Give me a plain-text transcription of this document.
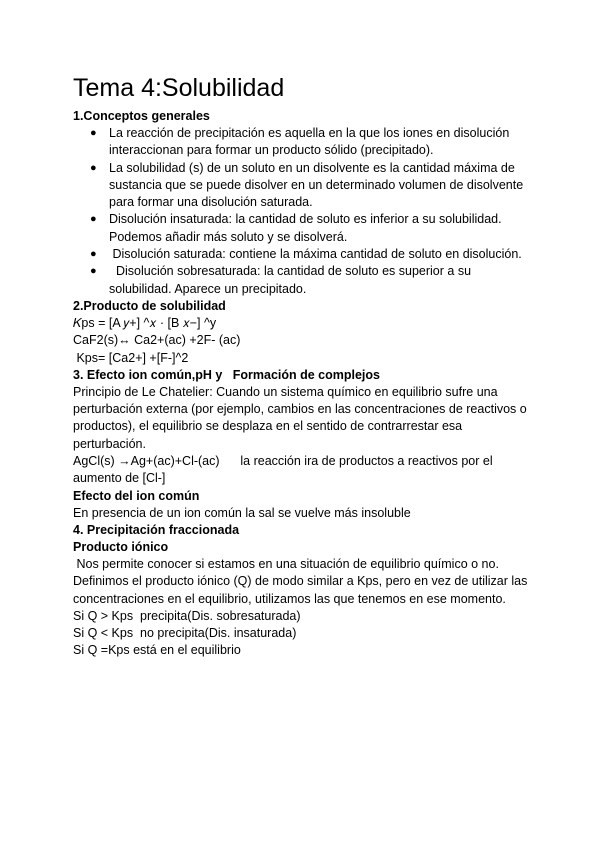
Tema 4:Solubilidad
1.Conceptos generales
● La reacción de precipitación es aquella en la que los iones en disolución interaccionan para formar un producto sólido (precipitado).
● La solubilidad (s) de un soluto en un disolvente es la cantidad máxima de sustancia que se puede disolver en un determinado volumen de disolvente para formar una disolución saturada.
● Disolución insaturada: la cantidad de soluto es inferior a su solubilidad. Podemos añadir más soluto y se disolverá.
● Disolución saturada: contiene la máxima cantidad de soluto en disolución.
● Disolución sobresaturada: la cantidad de soluto es superior a su solubilidad. Aparece un precipitado.
2.Producto de solubilidad
𝐾ps = [A 𝑦+] ^𝑥 · [B 𝑥−] ^y
CaF2(s)↔ Ca2+(ac) +2F- (ac)
Kps= [Ca2+] +[F-]^2
3. Efecto ion común,pH y   Formación de complejos
Principio de Le Chatelier: Cuando un sistema químico en equilibrio sufre una perturbación externa (por ejemplo, cambios en las concentraciones de reactivos o productos), el equilibrio se desplaza en el sentido de contrarrestar esa perturbación.
AgCl(s) →Ag+(ac)+Cl-(ac)      la reacción ira de productos a reactivos por el aumento de [Cl-]
Efecto del ion común
En presencia de un ion común la sal se vuelve más insoluble
4. Precipitación fraccionada
Producto iónico
Nos permite conocer si estamos en una situación de equilibrio químico o no. Definimos el producto iónico (Q) de modo similar a Kps, pero en vez de utilizar las concentraciones en el equilibrio, utilizamos las que tenemos en ese momento.
Si Q > Kps  precipita(Dis. sobresaturada)
Si Q < Kps  no precipita(Dis. insaturada)
Si Q =Kps está en el equilibrio
